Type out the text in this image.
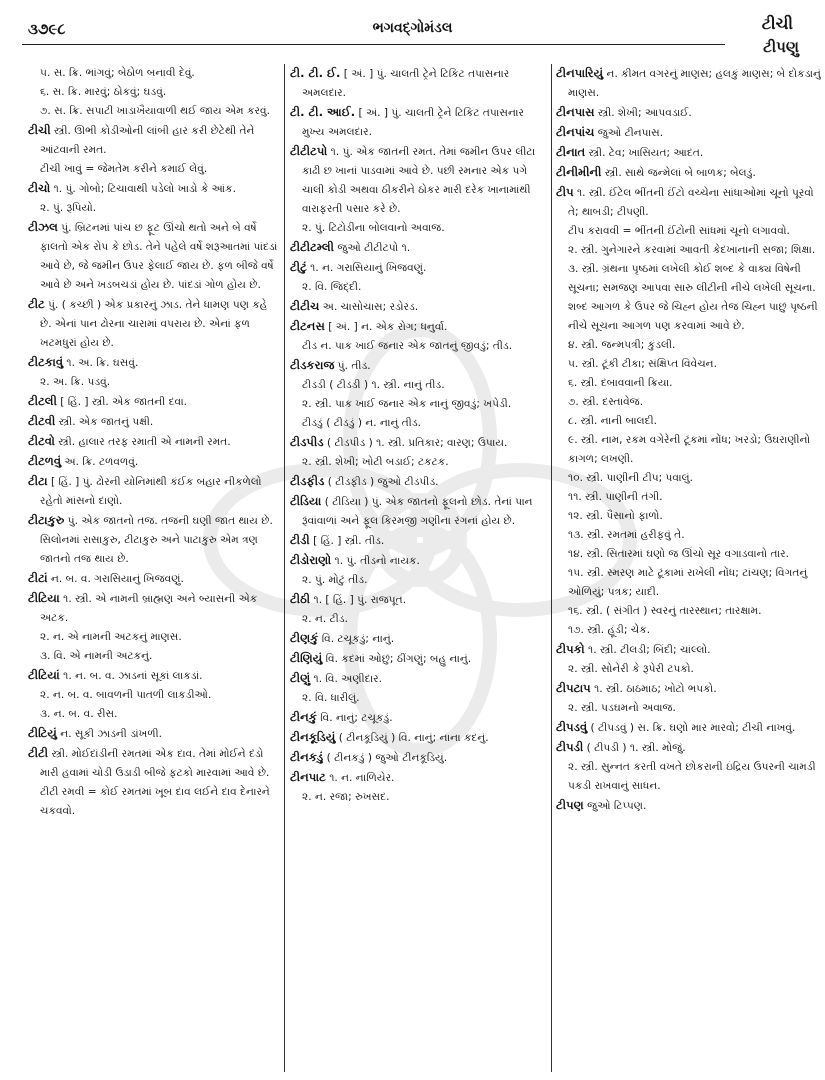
૩૭૯૮	ભગવદ્ગોમંડલ	ટીચી
ટીપણુ

૫. સ. ક્રિ. ભાંગવું; બેઠોળ બનાવી દેવું.

૬. સ. ક્રિ. મારવું; ઠોકવું; ઘડવું.

૭. સ. ક્રિ. સપાટી ખાડાખૈયાવાળી થઈ જાય એમ કરવું.

ટીચી સ્ત્રી. ઊભી કોડીઓની લાંબી હાર કરી છેટેથી તેને આંટવાની રમત.

ટીચી ખાવું = જેમતેમ કરીને કમાઈ લેવું.

ટીચો ૧. પું. ગોબો; ટિચાવાથી પડેલો ખાડો કે આંક.

૨. પું. રૂપિયો.

ટીઝલ પું. બ્રિટનમાં પાંચ છ ફૂટ ઊંચો થતો અને બે વર્ષે ફાલતો એક રોપ કે છોડ. તેને પહેલે વર્ષે શરૂઆતમાં પાંદડાં આવે છે, જે જમીન ઉપર ફેલાઈ જાય છે. ફળ બીજે વર્ષે આવે છે અને ખડબચડાં હોય છે. પાંદડાં ગોળ હોય છે.

ટીટ પું. ( કચ્છી ) એક પ્રકારનું ઝાડ. તેને ધામણ પણ કહે છે. એનાં પાન ઢોરના ચારામાં વપરાય છે. એનાં ફળ ખટમધુરાં હોય છે.

ટીટકાવું ૧. અ. ક્રિ. ઘસવું.

૨. અ. ક્રિ. પડવું.

ટીટલી [ હિં. ] સ્ત્રી. એક જાતની દવા.

ટીટવી સ્ત્રી. એક જાતનું પક્ષી.

ટીટવો સ્ત્રી. હાલાર તરફ રમાતી એ નામની રમત.

ટીટળવું અ. ક્રિ. ટળવળવું.

ટીટા [ હિં. ] પું. ઢોરની યોનિમાંથી કંઈક બહાર નીકળેલો રહેતો માંસનો દાણો.

ટીટાકુરુ પું. એક જાતનો તજ. તજની ઘણી જાત થાય છે. સિલોનમાં રાસાકુરુ, ટીટાકુરુ અને પાટાકુરુ એમ ત્રણ જાતનો તજ થાય છે.

ટીટાં ન. બ. વ. ગરાસિયાનું ખિજવણું.

ટીટિયા ૧. સ્ત્રી. એ નામની બ્રાહ્મણ અને બ્યાસની એક અટક.

૨. ન. એ નામની અટકનું માણસ.

૩. વિ. એ નામની અટકનું.

ટીટિયાં ૧. ન. બ. વ. ઝાડનાં સૂકાં લાકડાં.

૨. ન. બ. વ. બાવળની પાતળી લાકડીઓ.

૩. ન. બ. વ. રીસ.

ટીટિયું ન. સૂકી ઝાડની ડાંખળી.

ટીટી સ્ત્રી. મોઈદાંડીની રમતમાં એક દાવ. તેમાં મોઈને દંડો મારી હવામાં ચોડી ઉડાડી બીજે ફટકો મારવામાં આવે છે.

ટીટી રમવી = કોઈ રમતમાં ખૂબ દાવ લઈને દાવ દેનારને ચકવવો.

ટી. ટી. ઈ. [ અં. ] પું. ચાલતી ટ્રેને ટિકિટ તપાસનાર અમલદાર.

ટી. ટી. આઈ. [ અં. ] પું. ચાલતી ટ્રેને ટિકિટ તપાસનાર મુખ્ય અમલદાર.

ટીટીટપો ૧. પું. એક જાતની રમત. તેમાં જમીન ઉપર લીટા કાઢી છ ખાનાં પાડવામાં આવે છે. પછી રમનાર એક પગે ચાલી કોડી અથવા ઠીકરીને ઠોકર મારી દરેક ખાનામાંથી વારાફરતી પસાર કરે છે.

૨. પું. ટિટોડીના બોલવાનો અવાજ.

ટીટીટમ્લી જુઓ ટીટીટપો ૧.

ટીટું ૧. ન. ગરાસિયાનું ખિજવણું.

૨. વિ. જિદ્દી.

ટીટીચ અ. ચાસોચાસ; રડોરડ.

ટીટનસ [ અં. ] ન. એક રોગ; ધનુર્વા.

ટીડ ન. પાક ખાઈ જનાર એક જાતનું જીવડું; તીડ.

ટીડકરાજ પું. તીડ.

ટીડડી ( ટીડડી ) ૧. સ્ત્રી. નાનું તીડ.

૨. સ્ત્રી. પાક ખાઈ જનાર એક નાનું જીવડું; ખપેડી.

ટીડડું ( ટીડડું ) ન. નાનું તીડ.

ટીડપીડ ( ટીડપીડ ) ૧. સ્ત્રી. પ્રતિકાર; વારણ; ઉપાય.

૨. સ્ત્રી. શેખી; ખોટી બડાઈ; ટકટક.

ટીડફીડ ( ટીડફીડ ) જુઓ ટીડપીડ.

ટીડિયા ( ટીડિયા ) પું. એક જાતનો ફૂલનો છોડ. તેનાં પાન રૂંવાંવાળાં અને ફૂલ કિરમજી ગણીના રંગનાં હોય છે.

ટીડી [ હિં. ] સ્ત્રી. તીડ.

ટીડોરાણો ૧. પું. તીડનો નાયક.

૨. પું. મોટું તીડ.

ટીઠી ૧. [ હિં. ] પું. રાજપૂત.

૨. ન. ટીડ.

ટીણકું વિ. ટચૂકડું; નાનું.

ટીણિયું વિ. કદમાં ઓછું; ઠીંગણું; બહુ નાનું.

ટીણું ૧. વિ. અણીદાર.

૨. વિ. ધારીલું.

ટીનકું વિ. નાનું; ટચૂકડું.

ટીનકૂડિયું ( ટીનકૂડિયું ) વિ. નાનું; નાના કદનું.

ટીનકડું ( ટીનકડું ) જુઓ ટીનકૂડિયું.

ટીનપાટ ૧. ન. નાળિયેર.

૨. ન. રજા; રુખસદ.

ટીનપારિયું ન. કીમત વગરનું માણસ; હલકું માણસ; બે દોકડાનું માણસ.

ટીનપાસ સ્ત્રી. શેખી; આપવડાઈ.

ટીનપાંચ જુઓ ટીનપાસ.

ટીનાત સ્ત્રી. ટેવ; ખાસિયત; આદત.

ટીનીમીની સ્ત્રી. સાથે જન્મેલાં બે બાળક; બેલડું.

ટીપ ૧. સ્ત્રી. ઈંટેલ ભીંતની ઈંટો વચ્ચેના સાંધાઓમાં ચૂનો પૂરવો તે; થાબડી; ટીપણી.

ટીપ કરાવવી = ભીંતની ઈંટોની સાંધમાં ચૂનો લગાવવો.

૨. સ્ત્રી. ગુનેગારને કરવામાં આવતી કેદખાનાની સજા; શિક્ષા.

૩. સ્ત્રી. ગ્રંથના પૃષ્ઠમાં લખેલી કોઈ શબ્દ કે વાક્ય વિષેની સૂચના; સમજણ આપવા સારુ લીટીની નીચે લખેલી સૂચના. શબ્દ આગળ કે ઉપર જે ચિહ્ન હોય તેજ ચિહ્ન પાછું પૃષ્ઠની નીચે સૂચના આગળ પણ કરવામાં આવે છે.

૪. સ્ત્રી. જન્મપત્રી; કુંડલી.

૫. સ્ત્રી. ટૂંકી ટીકા; સંક્ષિપ્ત વિવેચન.

૬. સ્ત્રી. દબાવવાની ક્રિયા.

૭. સ્ત્રી. દસ્તાવેજ.

૮. સ્ત્રી. નાની બાલદી.

૯. સ્ત્રી. નામ, રકમ વગેરેની ટૂંકમાં નોંધ; ખરડો; ઉઘરાણીનો કાગળ; લખણી.

૧૦. સ્ત્રી. પાણીની ટીપ; પવાલું.

૧૧. સ્ત્રી. પાણીની તંગી.

૧૨. સ્ત્રી. પૈસાનો ફાળો.

૧૩. સ્ત્રી. રમતમાં હરીફવું તે.

૧૪. સ્ત્રી. સિતારમાં ઘણો જ ઊંચો સૂર વગાડવાનો તાર.

૧૫. સ્ત્રી. સ્મરણ માટે ટૂંકામાં રાખેલી નોંધ; ટાંચણ; વિગતનું ઓળિયું; પત્રક; યાદી.

૧૬. સ્ત્રી. ( સંગીત ) સ્વરનું તારસ્થાન; તારક્ષામ.

૧૭. સ્ત્રી. હૂંડી; ચેક.

ટીપકો ૧. સ્ત્રી. ટીલડી; બિંદી; ચાંલ્લો.

૨. સ્ત્રી. સોનેરી કે રૂપેરી ટપકો.

ટીપટાપ ૧. સ્ત્રી. ઠાઠમાઠ; ખોટો ભપકો.

૨. સ્ત્રી. પડઘમનો અવાજ.

ટીપડવું ( ટીપડવું ) સ. ક્રિ. ઘણો માર મારવો; ટીચી નાખવું.

ટીપડી ( ટીપડી ) ૧. સ્ત્રી. મોજું.

૨. સ્ત્રી. સુન્નત કરતી વખતે છોકરાની ઇંદ્રિય ઉપરની ચામડી પકડી રાખવાનું સાધન.

ટીપણ જુઓ ટિપ્પણ.
